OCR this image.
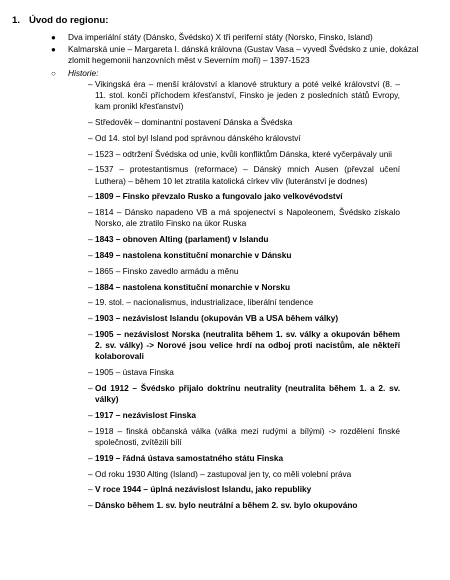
1. Úvod do regionu:
● Dva imperiální státy (Dánsko, Švédsko) X tři periferní státy (Norsko, Finsko, Island)
● Kalmarská unie – Margareta I. dánská královna (Gustav Vasa – vyvedl Švédsko z unie, dokázal zlomit hegemonii hanzovních měst v Severním moři) – 1397-1523
○ Historie:
– Vikingská éra – menší království a klanové struktury a poté velké království (8. – 11. stol. končí příchodem křesťanství, Finsko je jeden z posledních států Evropy, kam pronikl křesťanství)
– Středověk – dominantní postavení Dánska a Švédska
– Od 14. stol byl Island pod správnou dánského království
– 1523 – odtržení Švédska od unie, kvůli konfliktům Dánska, které vyčerpávaly unii
– 1537 – protestantismus (reformace) – Dánský mnich Ausen (převzal učení Luthera) – během 10 let ztratila katolická církev vliv (luteránství je dodnes)
– 1809 – Finsko převzalo Rusko a fungovalo jako velkovévodství
– 1814 – Dánsko napadeno VB a má spojenectví s Napoleonem, Švédsko získalo Norsko, ale ztratilo Finsko na úkor Ruska
– 1843 – obnoven Alting (parlament) v Islandu
– 1849 – nastolena konstituční monarchie v Dánsku
– 1865 – Finsko zavedlo armádu a měnu
– 1884 – nastolena konstituční monarchie v Norsku
– 19. stol. – nacionalismus, industrializace, liberální tendence
– 1903 – nezávislost Islandu (okupován VB a USA během války)
– 1905 – nezávislost Norska (neutralita během 1. sv. války a okupován během 2. sv. války) -> Norové jsou velice hrdí na odboj proti nacistům, ale někteří kolaborovali
– 1905 – ústava Finska
– Od 1912 – Švédsko přijalo doktrínu neutrality (neutralita během 1. a 2. sv. války)
– 1917 – nezávislost Finska
– 1918 – finská občanská válka (válka mezi rudými a bílými) -> rozdělení finské společnosti, zvítězili bílí
– 1919 – řádná ústava samostatného státu Finska
– Od roku 1930 Alting (Island) – zastupoval jen ty, co měli volební práva
– V roce 1944 – úplná nezávislost Islandu, jako republiky
– Dánsko během 1. sv. bylo neutrální a během 2. sv. bylo okupováno
